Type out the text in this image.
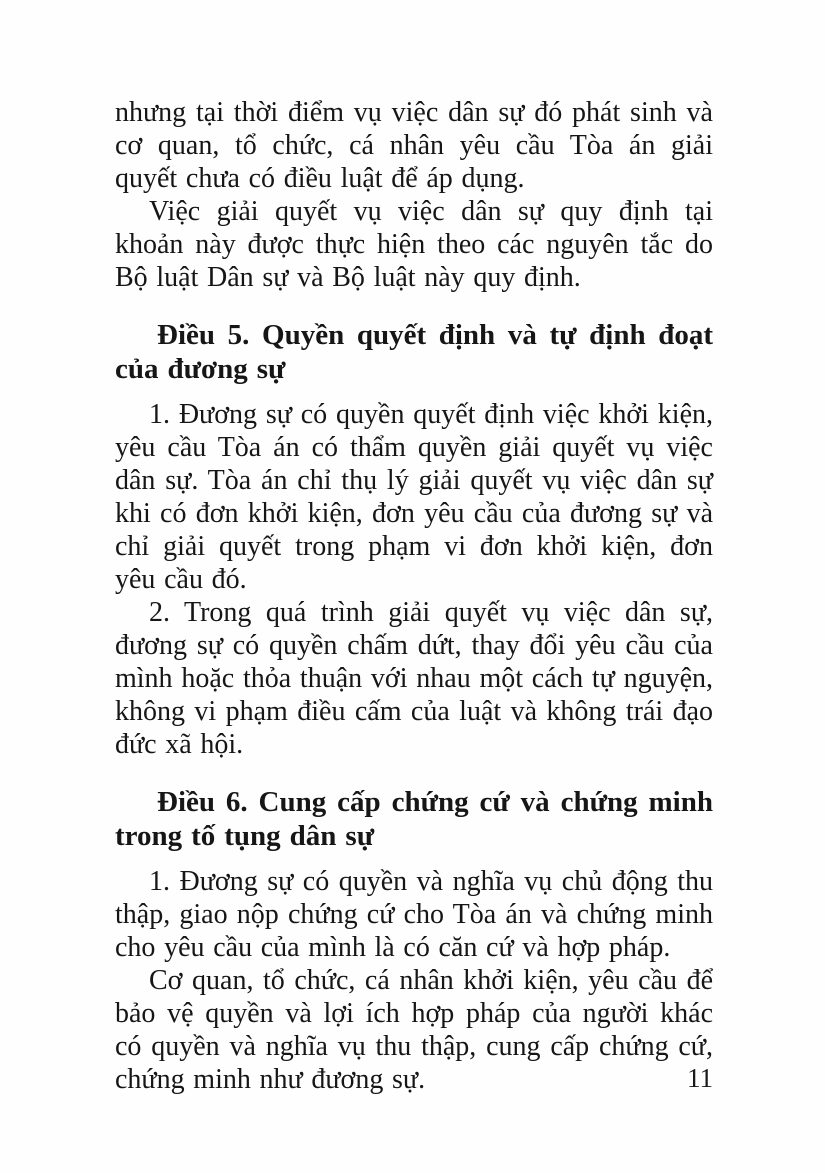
nhưng tại thời điểm vụ việc dân sự đó phát sinh và cơ quan, tổ chức, cá nhân yêu cầu Tòa án giải quyết chưa có điều luật để áp dụng.

Việc giải quyết vụ việc dân sự quy định tại khoản này được thực hiện theo các nguyên tắc do Bộ luật Dân sự và Bộ luật này quy định.

Điều 5. Quyền quyết định và tự định đoạt của đương sự

1. Đương sự có quyền quyết định việc khởi kiện, yêu cầu Tòa án có thẩm quyền giải quyết vụ việc dân sự. Tòa án chỉ thụ lý giải quyết vụ việc dân sự khi có đơn khởi kiện, đơn yêu cầu của đương sự và chỉ giải quyết trong phạm vi đơn khởi kiện, đơn yêu cầu đó.

2. Trong quá trình giải quyết vụ việc dân sự, đương sự có quyền chấm dứt, thay đổi yêu cầu của mình hoặc thỏa thuận với nhau một cách tự nguyện, không vi phạm điều cấm của luật và không trái đạo đức xã hội.

Điều 6. Cung cấp chứng cứ và chứng minh trong tố tụng dân sự

1. Đương sự có quyền và nghĩa vụ chủ động thu thập, giao nộp chứng cứ cho Tòa án và chứng minh cho yêu cầu của mình là có căn cứ và hợp pháp.

Cơ quan, tổ chức, cá nhân khởi kiện, yêu cầu để bảo vệ quyền và lợi ích hợp pháp của người khác có quyền và nghĩa vụ thu thập, cung cấp chứng cứ, chứng minh như đương sự.	11
